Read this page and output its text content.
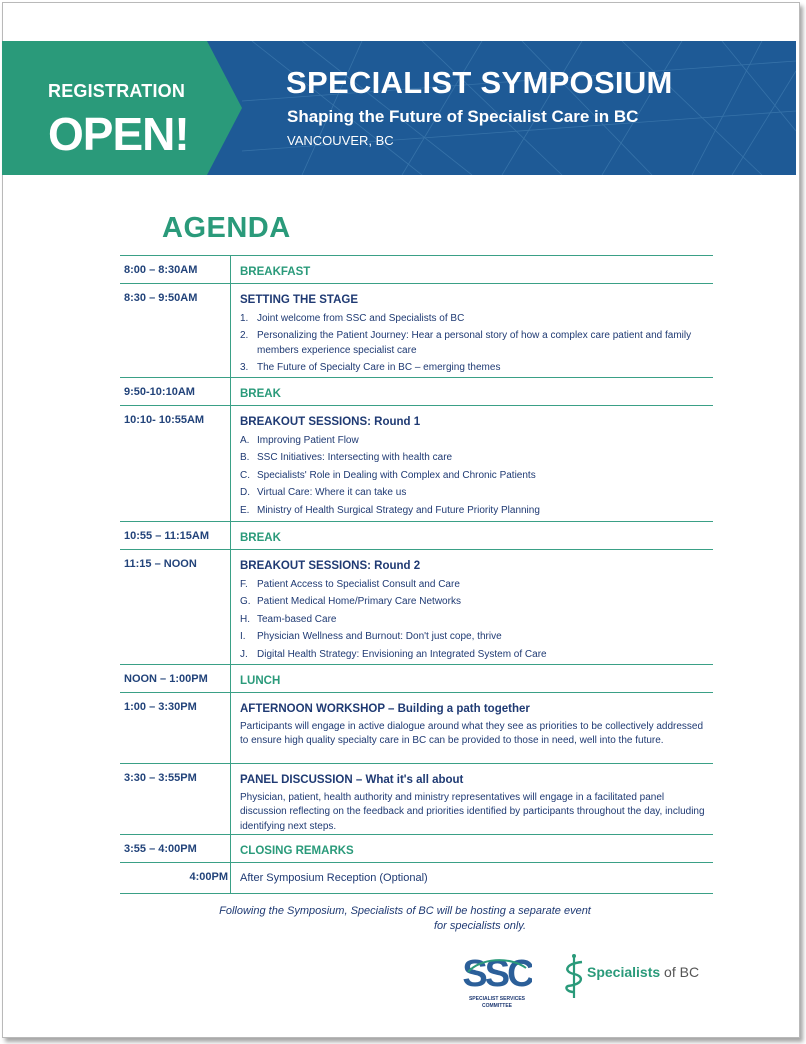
REGISTRATION
OPEN!
SPECIALIST SYMPOSIUM
Shaping the Future of Specialist Care in BC
VANCOUVER, BC
AGENDA
8:00 – 8:30AM	BREAKFAST
8:30 – 9:50AM	SETTING THE STAGE
1. Joint welcome from SSC and Specialists of BC
2. Personalizing the Patient Journey: Hear a personal story of how a complex care patient and family members experience specialist care
3. The Future of Specialty Care in BC – emerging themes
9:50-10:10AM	BREAK
10:10- 10:55AM	BREAKOUT SESSIONS: Round 1
A. Improving Patient Flow
B. SSC Initiatives: Intersecting with health care
C. Specialists' Role in Dealing with Complex and Chronic Patients
D. Virtual Care: Where it can take us
E. Ministry of Health Surgical Strategy and Future Priority Planning
10:55 – 11:15AM	BREAK
11:15 – NOON	BREAKOUT SESSIONS: Round 2
F. Patient Access to Specialist Consult and Care
G. Patient Medical Home/Primary Care Networks
H. Team-based Care
I. Physician Wellness and Burnout: Don't just cope, thrive
J. Digital Health Strategy: Envisioning an Integrated System of Care
NOON – 1:00PM	LUNCH
1:00 – 3:30PM	AFTERNOON WORKSHOP – Building a path together
Participants will engage in active dialogue around what they see as priorities to be collectively addressed to ensure high quality specialty care in BC can be provided to those in need, well into the future.
3:30 – 3:55PM	PANEL DISCUSSION – What it's all about
Physician, patient, health authority and ministry representatives will engage in a facilitated panel discussion reflecting on the feedback and priorities identified by participants throughout the day, including identifying next steps.
3:55 – 4:00PM	CLOSING REMARKS
4:00PM After Symposium Reception (Optional)
Following the Symposium, Specialists of BC will be hosting a separate event
for specialists only.
SSC
SPECIALIST SERVICES
COMMITTEE
Specialists of BC
